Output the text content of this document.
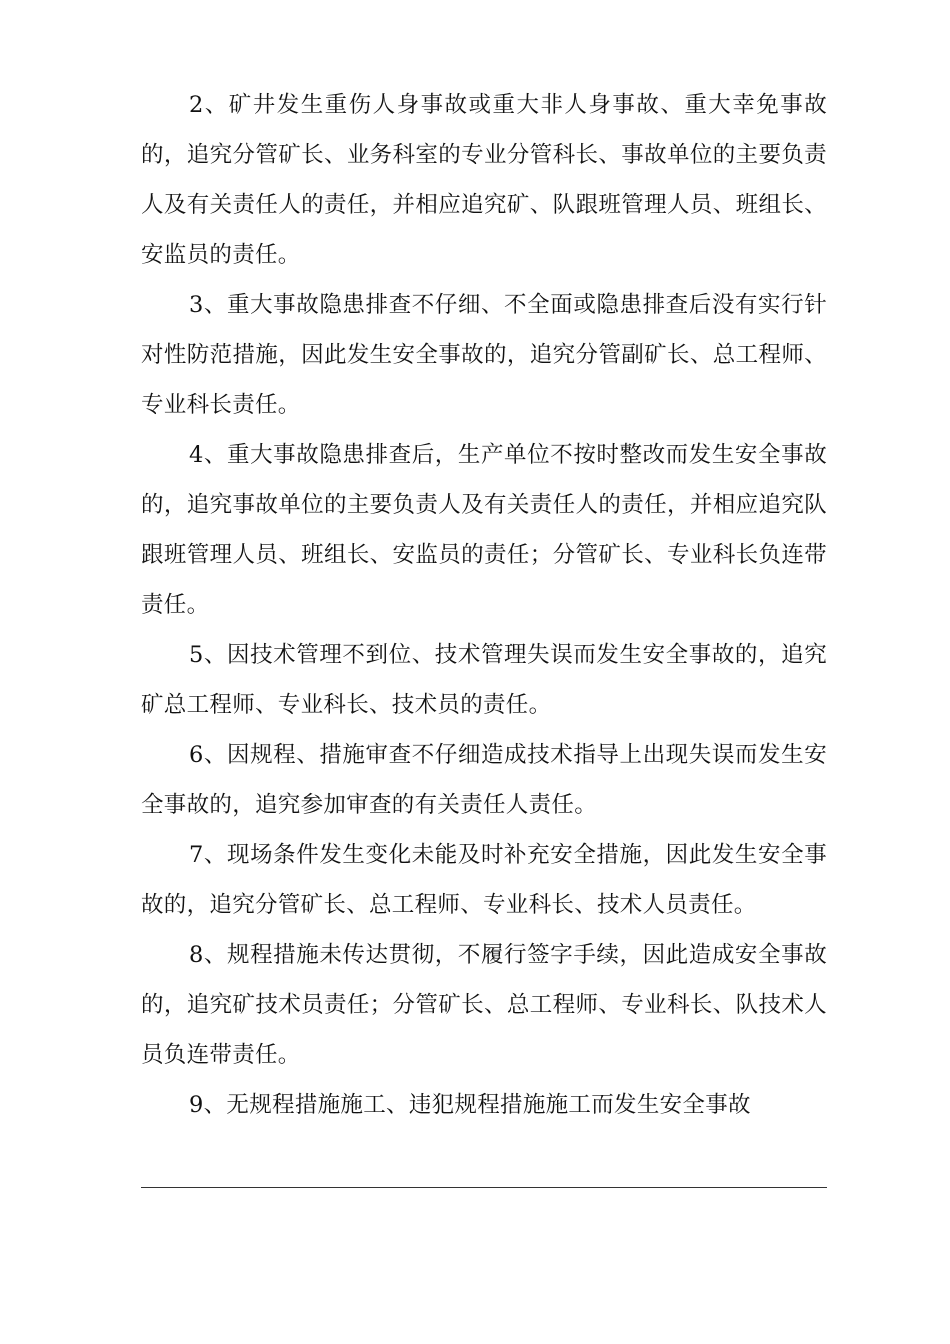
2、矿井发生重伤人身事故或重大非人身事故、重大幸免事故的，追究分管矿长、业务科室的专业分管科长、事故单位的主要负责人及有关责任人的责任，并相应追究矿、队跟班管理人员、班组长、安监员的责任。

3、重大事故隐患排查不仔细、不全面或隐患排查后没有实行针对性防范措施，因此发生安全事故的，追究分管副矿长、总工程师、专业科长责任。

4、重大事故隐患排查后，生产单位不按时整改而发生安全事故的，追究事故单位的主要负责人及有关责任人的责任，并相应追究队跟班管理人员、班组长、安监员的责任；分管矿长、专业科长负连带责任。

5、因技术管理不到位、技术管理失误而发生安全事故的，追究矿总工程师、专业科长、技术员的责任。

6、因规程、措施审查不仔细造成技术指导上出现失误而发生安全事故的，追究参加审查的有关责任人责任。

7、现场条件发生变化未能及时补充安全措施，因此发生安全事故的，追究分管矿长、总工程师、专业科长、技术人员责任。

8、规程措施未传达贯彻，不履行签字手续，因此造成安全事故的，追究矿技术员责任；分管矿长、总工程师、专业科长、队技术人员负连带责任。

9、无规程措施施工、违犯规程措施施工而发生安全事故
